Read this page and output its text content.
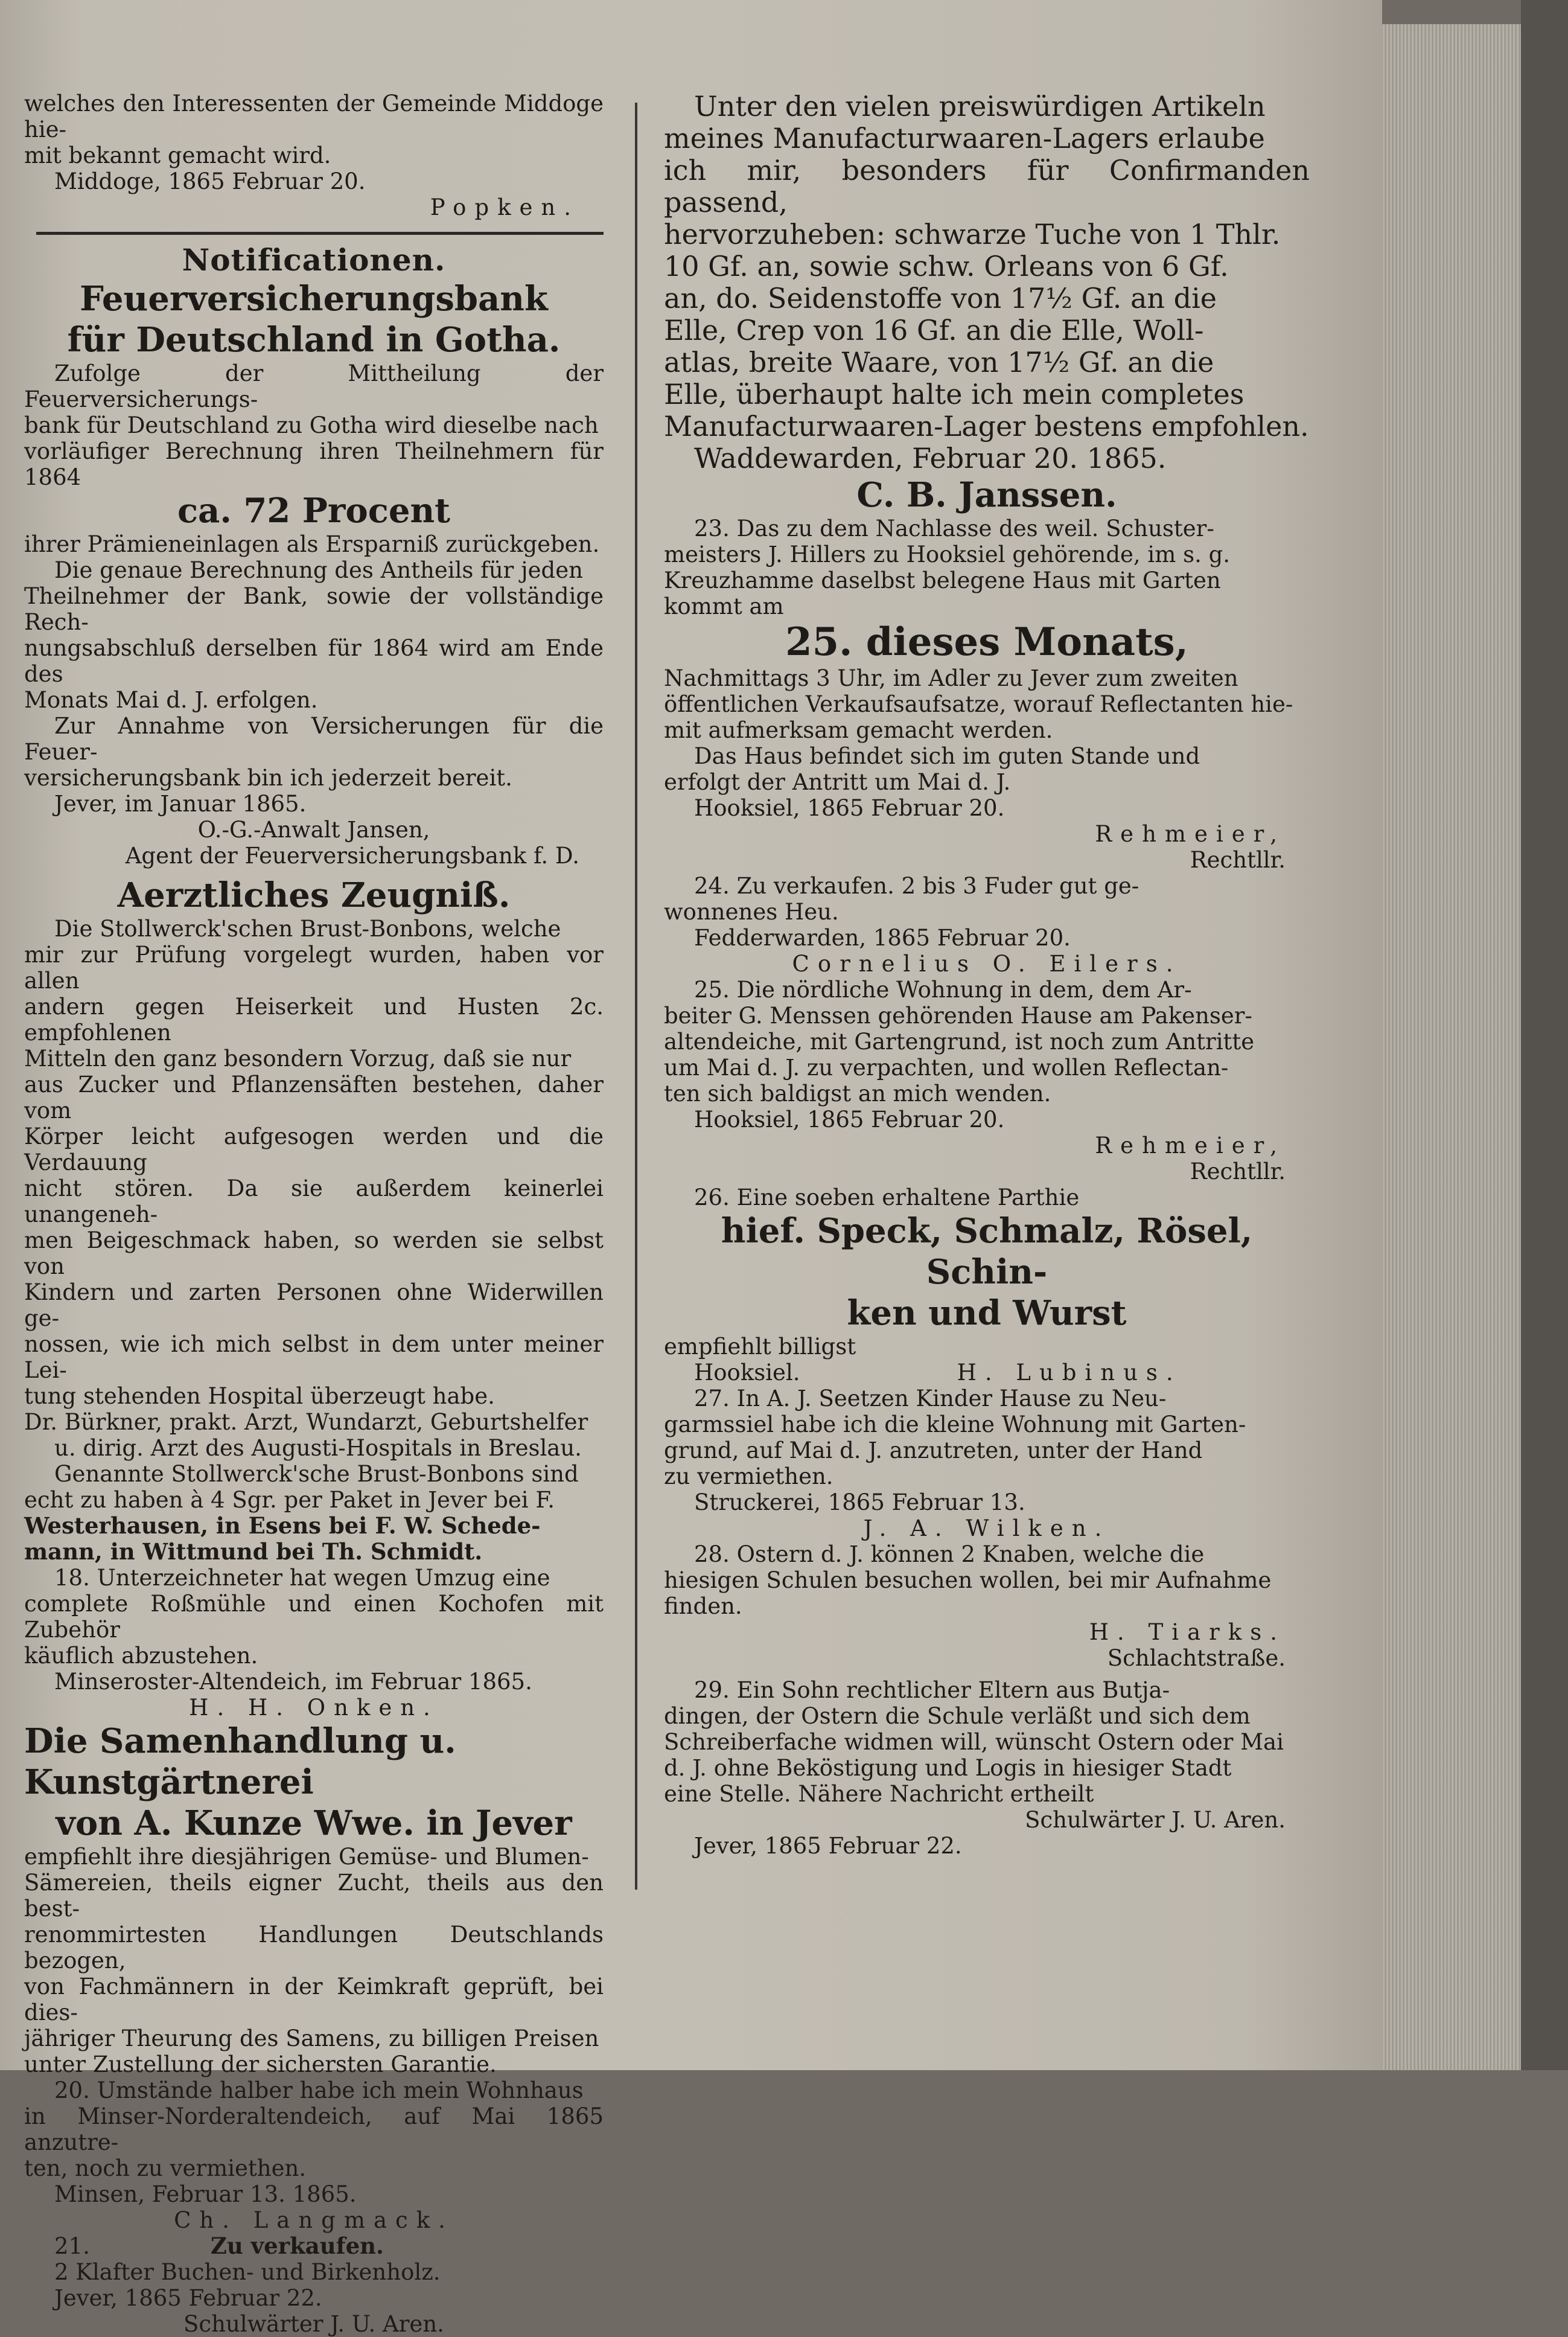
welches den Interessenten der Gemeinde Middoge hie-

mit bekannt gemacht wird.

Middoge, 1865 Februar 20.

Popken.

Notificationen.

Feuerversicherungsbank

für Deutschland in Gotha.

Zufolge der Mittheilung der Feuerversicherungs-

bank für Deutschland zu Gotha wird dieselbe nach

vorläufiger Berechnung ihren Theilnehmern für 1864

ca. 72 Procent

ihrer Prämieneinlagen als Ersparniß zurückgeben.

Die genaue Berechnung des Antheils für jeden

Theilnehmer der Bank, sowie der vollständige Rech-

nungsabschluß derselben für 1864 wird am Ende des

Monats Mai d. J. erfolgen.

Zur Annahme von Versicherungen für die Feuer-

versicherungsbank bin ich jederzeit bereit.

Jever, im Januar 1865.

O.-G.-Anwalt Jansen,

Agent der Feuerversicherungsbank f. D.

Aerztliches Zeugniß.

Die Stollwerck'schen Brust-Bonbons, welche

mir zur Prüfung vorgelegt wurden, haben vor allen

andern gegen Heiserkeit und Husten 2c. empfohlenen

Mitteln den ganz besondern Vorzug, daß sie nur

aus Zucker und Pflanzensäften bestehen, daher vom

Körper leicht aufgesogen werden und die Verdauung

nicht stören. Da sie außerdem keinerlei unangeneh-

men Beigeschmack haben, so werden sie selbst von

Kindern und zarten Personen ohne Widerwillen ge-

nossen, wie ich mich selbst in dem unter meiner Lei-

tung stehenden Hospital überzeugt habe.

Dr. Bürkner, prakt. Arzt, Wundarzt, Geburtshelfer

u. dirig. Arzt des Augusti-Hospitals in Breslau.

Genannte Stollwerck'sche Brust-Bonbons sind

echt zu haben à 4 Sgr. per Paket in Jever bei F.

Westerhausen, in Esens bei F. W. Schede-

mann, in Wittmund bei Th. Schmidt.

18. Unterzeichneter hat wegen Umzug eine

complete Roßmühle und einen Kochofen mit Zubehör

käuflich abzustehen.

Minseroster-Altendeich, im Februar 1865.

H. H. Onken.

Die Samenhandlung u. Kunstgärtnerei

von A. Kunze Wwe. in Jever

empfiehlt ihre diesjährigen Gemüse- und Blumen-

Sämereien, theils eigner Zucht, theils aus den best-

renommirtesten Handlungen Deutschlands bezogen,

von Fachmännern in der Keimkraft geprüft, bei dies-

jähriger Theurung des Samens, zu billigen Preisen

unter Zustellung der sichersten Garantie.

20. Umstände halber habe ich mein Wohnhaus

in Minser-Norderaltendeich, auf Mai 1865 anzutre-

ten, noch zu vermiethen.

Minsen, Februar 13. 1865.

Ch. Langmack.

21.	Zu verkaufen.

2 Klafter Buchen- und Birkenholz.

Jever, 1865 Februar 22.

Schulwärter J. U. Aren.

Unter den vielen preiswürdigen Artikeln

meines Manufacturwaaren-Lagers erlaube

ich mir, besonders für Confirmanden passend,

hervorzuheben: schwarze Tuche von 1 Thlr.

10 Gf. an, sowie schw. Orleans von 6 Gf.

an, do. Seidenstoffe von 17½ Gf. an die

Elle, Crep von 16 Gf. an die Elle, Woll-

atlas, breite Waare, von 17½ Gf. an die

Elle, überhaupt halte ich mein completes

Manufacturwaaren-Lager bestens empfohlen.

Waddewarden, Februar 20. 1865.

C. B. Janssen.

23. Das zu dem Nachlasse des weil. Schuster-

meisters J. Hillers zu Hooksiel gehörende, im s. g.

Kreuzhamme daselbst belegene Haus mit Garten

kommt am

25. dieses Monats,

Nachmittags 3 Uhr, im Adler zu Jever zum zweiten

öffentlichen Verkaufsaufsatze, worauf Reflectanten hie-

mit aufmerksam gemacht werden.

Das Haus befindet sich im guten Stande und

erfolgt der Antritt um Mai d. J.

Hooksiel, 1865 Februar 20.

Rehmeier,

Rechtllr.

24. Zu verkaufen. 2 bis 3 Fuder gut ge-

wonnenes Heu.

Fedderwarden, 1865 Februar 20.

Cornelius O. Eilers.

25. Die nördliche Wohnung in dem, dem Ar-

beiter G. Menssen gehörenden Hause am Pakenser-

altendeiche, mit Gartengrund, ist noch zum Antritte

um Mai d. J. zu verpachten, und wollen Reflectan-

ten sich baldigst an mich wenden.

Hooksiel, 1865 Februar 20.

Rehmeier,

Rechtllr.

26. Eine soeben erhaltene Parthie

hief. Speck, Schmalz, Rösel, Schin-

ken und Wurst

empfiehlt billigst

Hooksiel.	H. Lubinus.

27. In A. J. Seetzen Kinder Hause zu Neu-

garmssiel habe ich die kleine Wohnung mit Garten-

grund, auf Mai d. J. anzutreten, unter der Hand

zu vermiethen.

Struckerei, 1865 Februar 13.

J. A. Wilken.

28. Ostern d. J. können 2 Knaben, welche die

hiesigen Schulen besuchen wollen, bei mir Aufnahme

finden.

H. Tiarks.

Schlachtstraße.

29. Ein Sohn rechtlicher Eltern aus Butja-

dingen, der Ostern die Schule verläßt und sich dem

Schreiberfache widmen will, wünscht Ostern oder Mai

d. J. ohne Beköstigung und Logis in hiesiger Stadt

eine Stelle. Nähere Nachricht ertheilt

Schulwärter J. U. Aren.

Jever, 1865 Februar 22.
